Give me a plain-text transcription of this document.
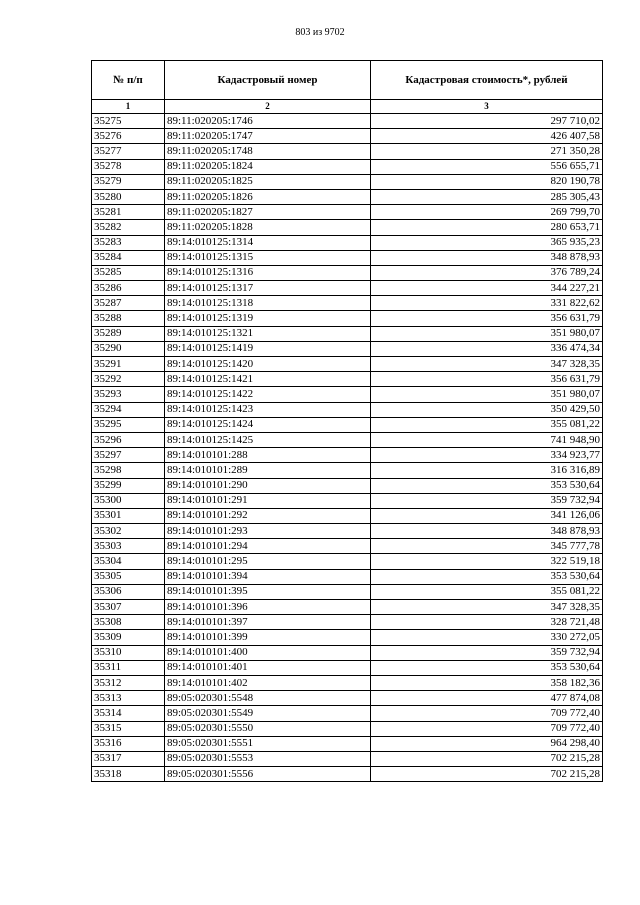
803 из 9702
№ п/п	Кадастровый номер	Кадастровая стоимость*, рублей
1	2	3
35275	89:11:020205:1746	297 710,02
35276	89:11:020205:1747	426 407,58
35277	89:11:020205:1748	271 350,28
35278	89:11:020205:1824	556 655,71
35279	89:11:020205:1825	820 190,78
35280	89:11:020205:1826	285 305,43
35281	89:11:020205:1827	269 799,70
35282	89:11:020205:1828	280 653,71
35283	89:14:010125:1314	365 935,23
35284	89:14:010125:1315	348 878,93
35285	89:14:010125:1316	376 789,24
35286	89:14:010125:1317	344 227,21
35287	89:14:010125:1318	331 822,62
35288	89:14:010125:1319	356 631,79
35289	89:14:010125:1321	351 980,07
35290	89:14:010125:1419	336 474,34
35291	89:14:010125:1420	347 328,35
35292	89:14:010125:1421	356 631,79
35293	89:14:010125:1422	351 980,07
35294	89:14:010125:1423	350 429,50
35295	89:14:010125:1424	355 081,22
35296	89:14:010125:1425	741 948,90
35297	89:14:010101:288	334 923,77
35298	89:14:010101:289	316 316,89
35299	89:14:010101:290	353 530,64
35300	89:14:010101:291	359 732,94
35301	89:14:010101:292	341 126,06
35302	89:14:010101:293	348 878,93
35303	89:14:010101:294	345 777,78
35304	89:14:010101:295	322 519,18
35305	89:14:010101:394	353 530,64
35306	89:14:010101:395	355 081,22
35307	89:14:010101:396	347 328,35
35308	89:14:010101:397	328 721,48
35309	89:14:010101:399	330 272,05
35310	89:14:010101:400	359 732,94
35311	89:14:010101:401	353 530,64
35312	89:14:010101:402	358 182,36
35313	89:05:020301:5548	477 874,08
35314	89:05:020301:5549	709 772,40
35315	89:05:020301:5550	709 772,40
35316	89:05:020301:5551	964 298,40
35317	89:05:020301:5553	702 215,28
35318	89:05:020301:5556	702 215,28
